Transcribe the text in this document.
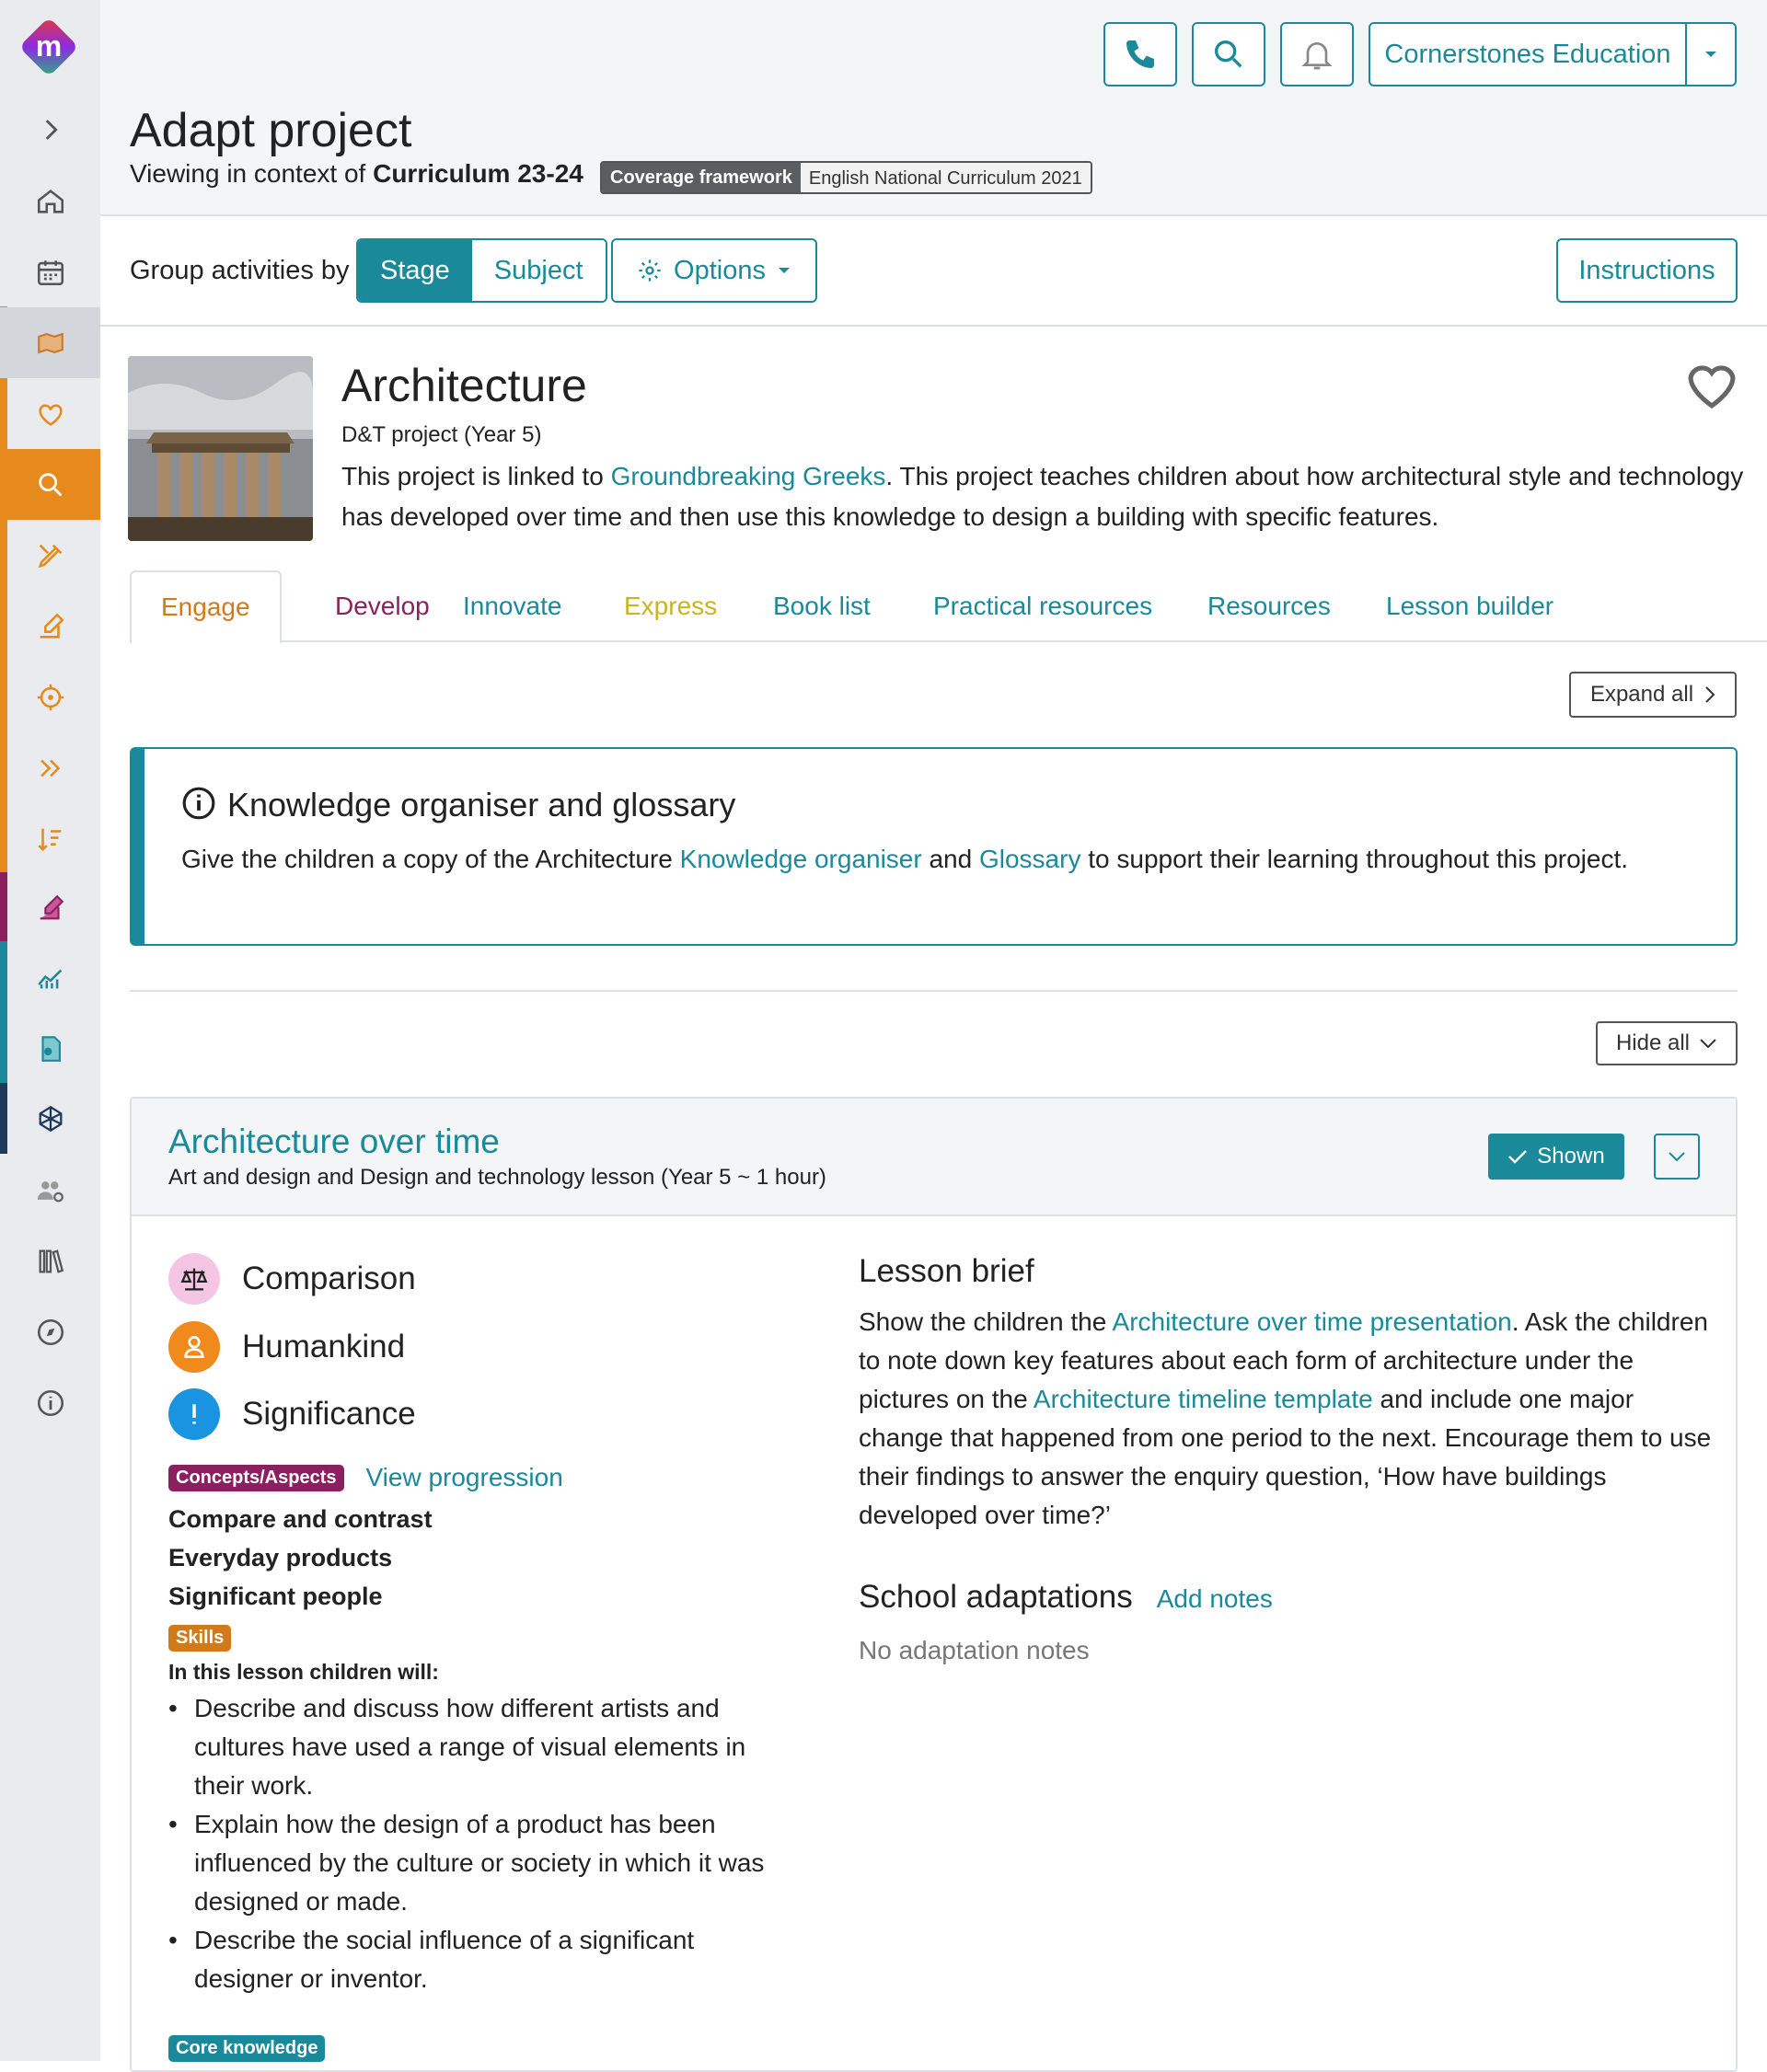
m	Cornerstones Education
Adapt project
Viewing in context of Curriculum 23-24	Coverage framework English National Curriculum 2021
Group activities by	Stage	Subject	Options	Instructions
Architecture
D&T project (Year 5)
This project is linked to Groundbreaking Greeks. This project teaches children about how architectural style and technology has developed over time and then use this knowledge to design a building with specific features.
Engage	Develop Innovate Express Book list Practical resources Resources Lesson builder
Expand all
Knowledge organiser and glossary

Give the children a copy of the Architecture Knowledge organiser and Glossary to support their learning throughout this project.

Hide all
Architecture over time
Art and design and Design and technology lesson (Year 5 ~ 1 hour)
Shown
Comparison
Humankind
Significance
Concepts/Aspects View progression
Compare and contrast
Everyday products
Significant people
Skills
In this lesson children will:
• Describe and discuss how different artists and cultures have used a range of visual elements in their work.
• Explain how the design of a product has been influenced by the culture or society in which it was designed or made.
• Describe the social influence of a significant designer or inventor.
Core knowledge
Lesson brief

Show the children the Architecture over time presentation. Ask the children to note down key features about each form of architecture under the pictures on the Architecture timeline template and include one major change that happened from one period to the next. Encourage them to use their findings to answer the enquiry question, ‘How have buildings developed over time?’

School adaptations Add notes
No adaptation notes
